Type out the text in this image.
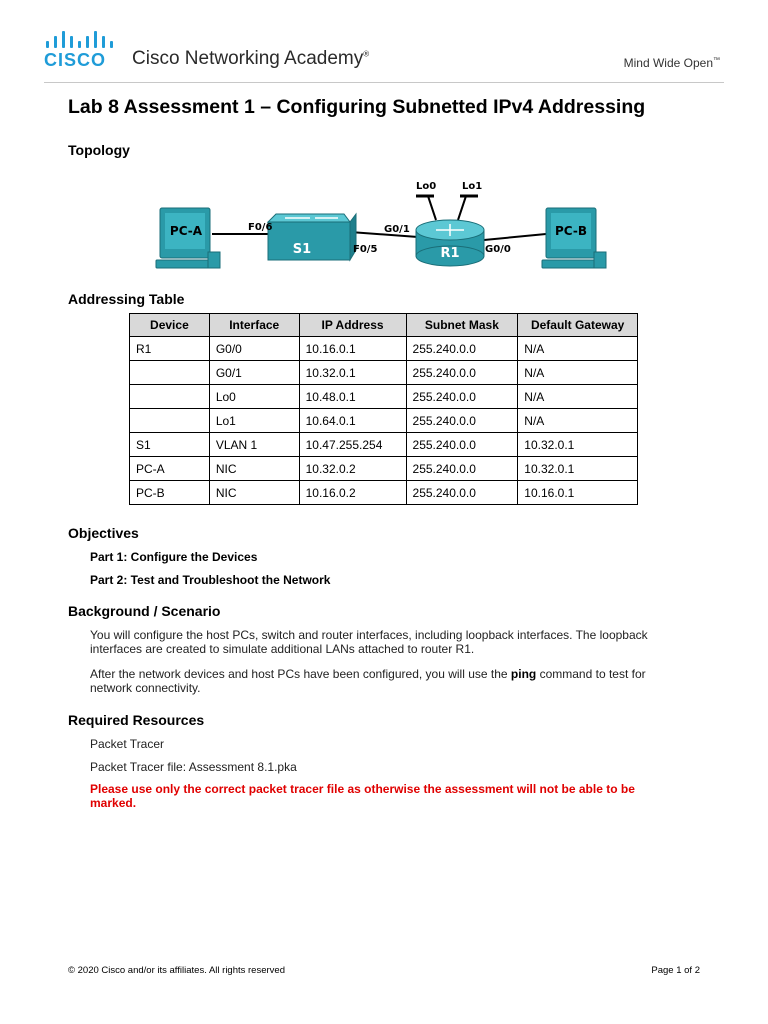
CISCO Cisco Networking Academy®
Mind Wide Open™
Lab 8 Assessment 1 – Configuring Subnetted IPv4 Addressing
Topology
PC-A
S1	R1
PC-B
F0/6
F0/5
G0/1
G0/0
Lo0	Lo1
Addressing Table
Device	Interface	IP Address	Subnet Mask	Default Gateway
R1	G0/0	10.16.0.1	255.240.0.0	N/A
	G0/1	10.32.0.1	255.240.0.0	N/A
	Lo0	10.48.0.1	255.240.0.0	N/A
	Lo1	10.64.0.1	255.240.0.0	N/A
S1	VLAN 1	10.47.255.254	255.240.0.0	10.32.0.1
PC-A	NIC	10.32.0.2	255.240.0.0	10.32.0.1
PC-B	NIC	10.16.0.2	255.240.0.0	10.16.0.1
Objectives
Part 1: Configure the Devices
Part 2: Test and Troubleshoot the Network
Background / Scenario
You will configure the host PCs, switch and router interfaces, including loopback interfaces. The loopback interfaces are created to simulate additional LANs attached to router R1.
After the network devices and host PCs have been configured, you will use the ping command to test for network connectivity.
Required Resources
Packet Tracer
Packet Tracer file: Assessment 8.1.pka
Please use only the correct packet tracer file as otherwise the assessment will not be able to be marked.
© 2020 Cisco and/or its affiliates. All rights reserved	Page 1 of 2
